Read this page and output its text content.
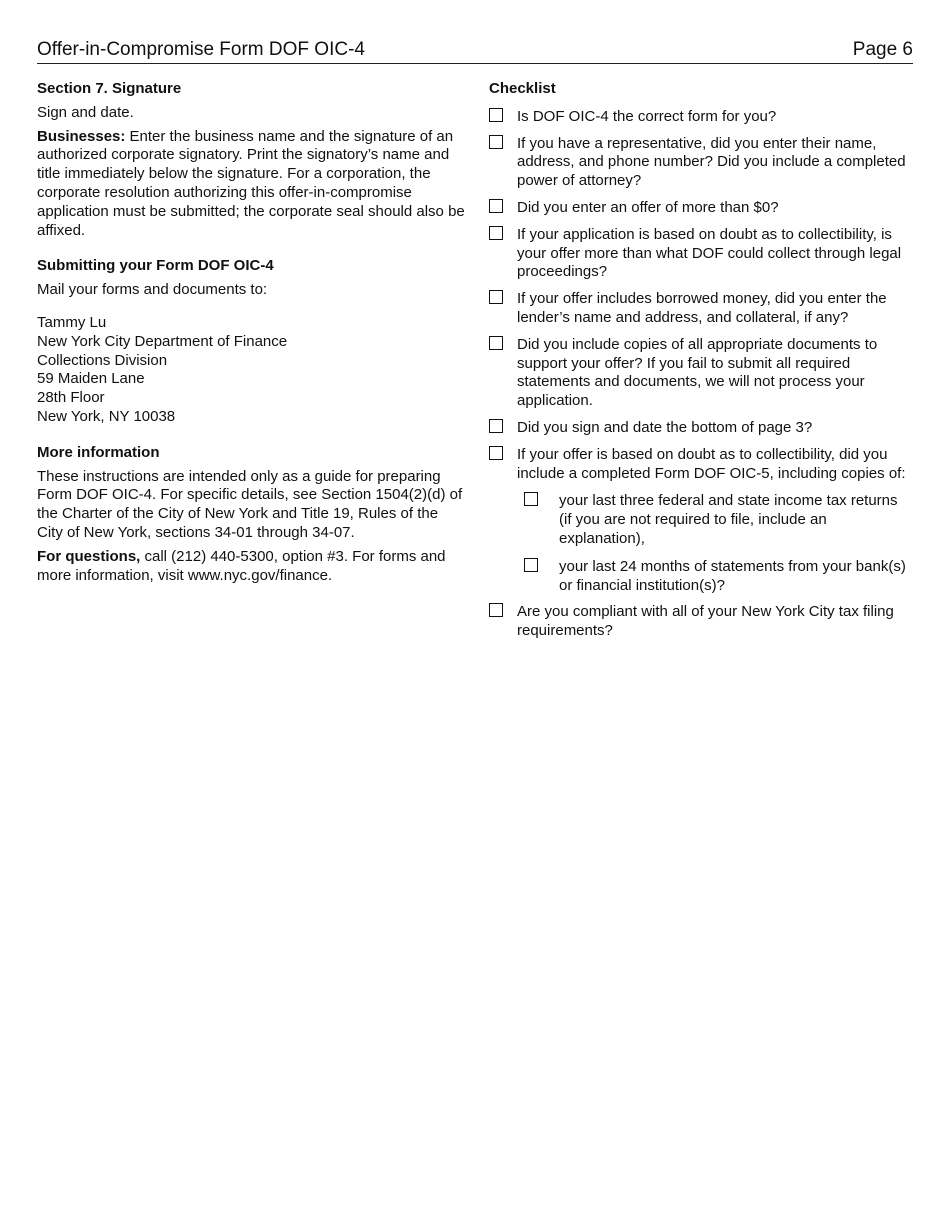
Offer-in-Compromise Form DOF OIC-4	Page 6

Section 7. Signature

Sign and date.

Businesses: Enter the business name and the signature of an authorized corporate signatory. Print the signatory’s name and title immediately below the signature. For a corporation, the corporate resolution authorizing this offer-in-compromise application must be submitted; the corporate seal should also be affixed.

Submitting your Form DOF OIC-4

Mail your forms and documents to:

Tammy Lu
New York City Department of Finance
Collections Division
59 Maiden Lane
28th Floor
New York, NY 10038

More information

These instructions are intended only as a guide for preparing Form DOF OIC-4. For specific details, see Section 1504(2)(d) of the Charter of the City of New York and Title 19, Rules of the City of New York, sections 34-01 through 34-07.

For questions, call (212) 440-5300, option #3. For forms and more information, visit www.nyc.gov/finance.

Checklist

Is DOF OIC-4 the correct form for you?
If you have a representative, did you enter their name, address, and phone number? Did you include a completed power of attorney?
Did you enter an offer of more than $0?
If your application is based on doubt as to collectibility, is your offer more than what DOF could collect through legal proceedings?
If your offer includes borrowed money, did you enter the lender’s name and address, and collateral, if any?
Did you include copies of all appropriate documents to support your offer? If you fail to submit all required statements and documents, we will not process your application.
Did you sign and date the bottom of page 3?
If your offer is based on doubt as to collectibility, did you include a completed Form DOF OIC-5, including copies of:
your last three federal and state income tax returns (if you are not required to file, include an explanation),
your last 24 months of statements from your bank(s) or financial institution(s)?
Are you compliant with all of your New York City tax filing requirements?
